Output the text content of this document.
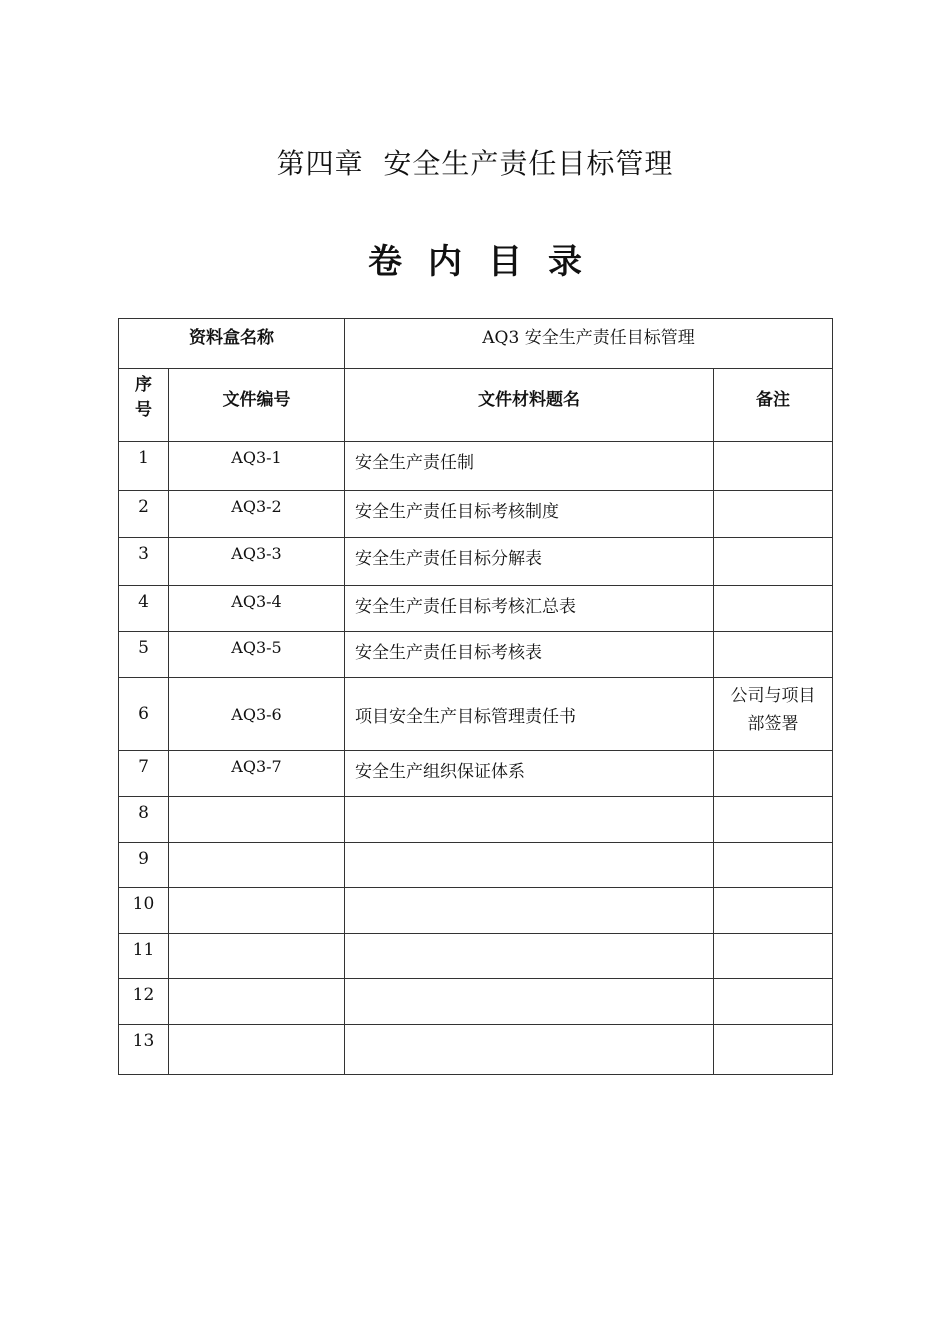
第四章  安全生产责任目标管理
卷内目录
资料盒名称		AQ3 安全生产责任目标管理	
序号	文件编号	文件材料题名	备注
1	AQ3-1	安全生产责任制	
2	AQ3-2	安全生产责任目标考核制度	
3	AQ3-3	安全生产责任目标分解表	
4	AQ3-4	安全生产责任目标考核汇总表	
5	AQ3-5	安全生产责任目标考核表	
6	AQ3-6	项目安全生产目标管理责任书	公司与项目部签署
7	AQ3-7	安全生产组织保证体系	
8			
9			
10			
11			
12			
13			
